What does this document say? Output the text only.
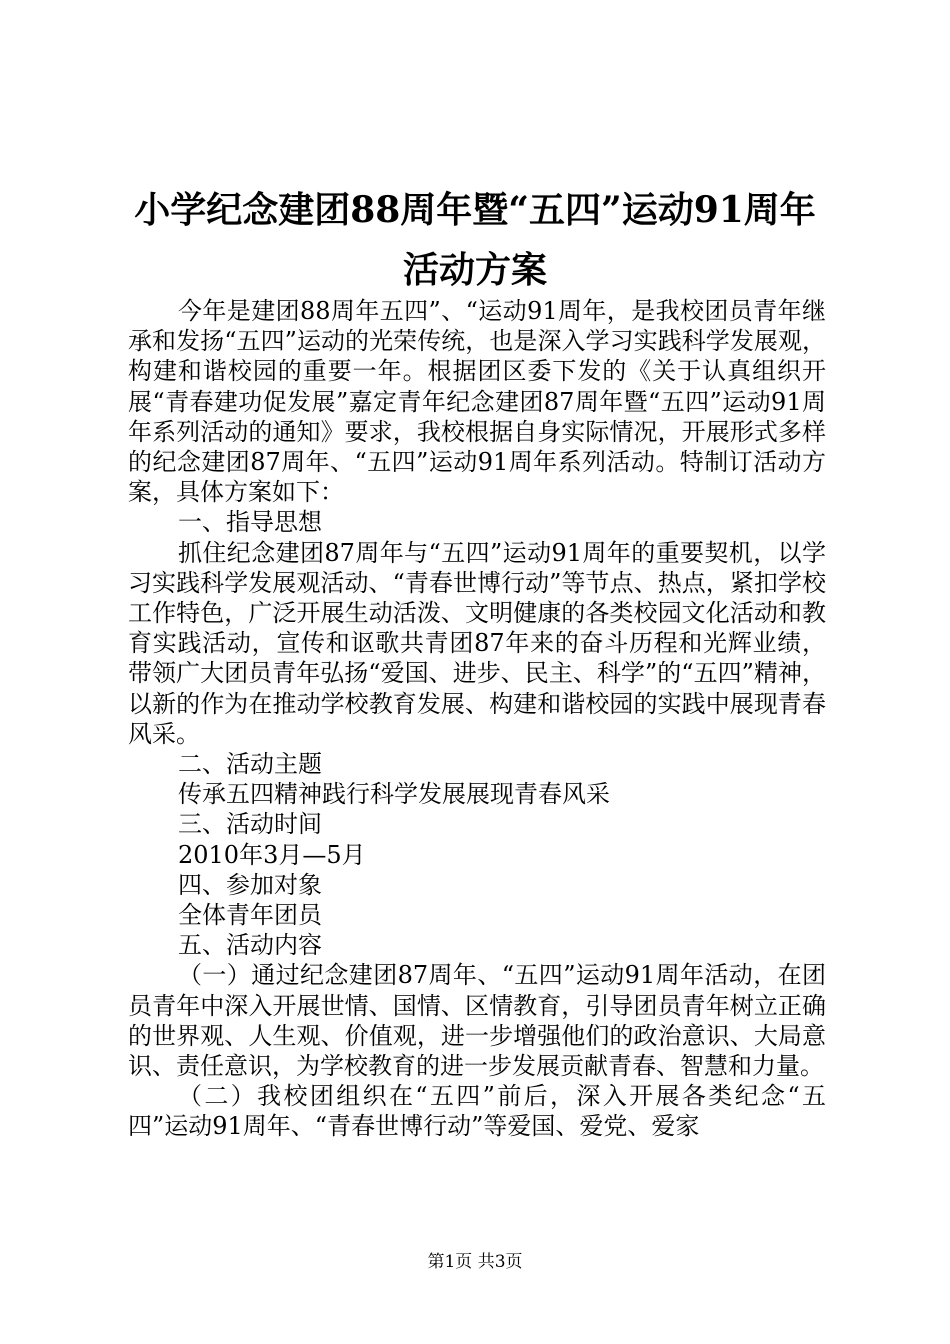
小学纪念建团88周年暨“五四”运动91周年
活动方案

今年是建团88周年五四”、“运动91周年，是我校团员青年继承和发扬“五四”运动的光荣传统，也是深入学习实践科学发展观，构建和谐校园的重要一年。根据团区委下发的《关于认真组织开展“青春建功促发展”嘉定青年纪念建团87周年暨“五四”运动91周年系列活动的通知》要求，我校根据自身实际情况，开展形式多样的纪念建团87周年、“五四”运动91周年系列活动。特制订活动方案，具体方案如下：

一、指导思想

抓住纪念建团87周年与“五四”运动91周年的重要契机，以学习实践科学发展观活动、“青春世博行动”等节点、热点，紧扣学校工作特色，广泛开展生动活泼、文明健康的各类校园文化活动和教育实践活动，宣传和讴歌共青团87年来的奋斗历程和光辉业绩，带领广大团员青年弘扬“爱国、进步、民主、科学”的“五四”精神，以新的作为在推动学校教育发展、构建和谐校园的实践中展现青春风采。

二、活动主题

传承五四精神践行科学发展展现青春风采

三、活动时间

2010年3月—5月

四、参加对象

全体青年团员

五、活动内容

（一）通过纪念建团87周年、“五四”运动91周年活动，在团员青年中深入开展世情、国情、区情教育，引导团员青年树立正确的世界观、人生观、价值观，进一步增强他们的政治意识、大局意识、责任意识，为学校教育的进一步发展贡献青春、智慧和力量。

（二）我校团组织在“五四”前后，深入开展各类纪念“五四”运动91周年、“青春世博行动”等爱国、爱党、爱家

第1页 共3页
